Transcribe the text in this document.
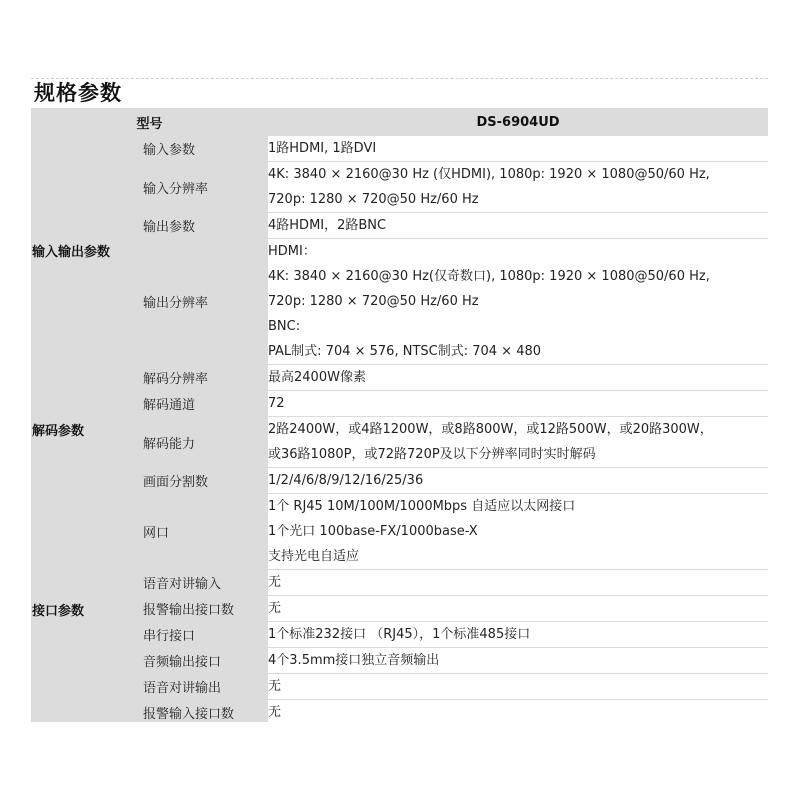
规格参数
型号		DS-6904UD
输入输出参数	输入参数	1路HDMI, 1路DVI

	输入分辨率	4K: 3840 × 2160@30 Hz (仅HDMI), 1080p: 1920 × 1080@50/60 Hz,
720p: 1280 × 720@50 Hz/60 Hz

	输出参数	4路HDMI，2路BNC

	输出分辨率	HDMI：
4K: 3840 × 2160@30 Hz(仅奇数口), 1080p: 1920 × 1080@50/60 Hz,
720p: 1280 × 720@50 Hz/60 Hz
BNC:
PAL制式: 704 × 576, NTSC制式: 704 × 480

解码参数	解码分辨率	最高2400W像素

	解码通道	72

	解码能力	2路2400W，或4路1200W，或8路800W，或12路500W，或20路300W，
或36路1080P，或72路720P及以下分辨率同时实时解码

	画面分割数	1/2/4/6/8/9/12/16/25/36

接口参数	网口	1个 RJ45 10M/100M/1000Mbps 自适应以太网接口
1个光口 100base-FX/1000base-X
支持光电自适应

	语音对讲输入	无

	报警输出接口数	无

	串行接口	1个标准232接口 （RJ45），1个标准485接口

	音频输出接口	4个3.5mm接口独立音频输出

	语音对讲输出	无

	报警输入接口数	无
